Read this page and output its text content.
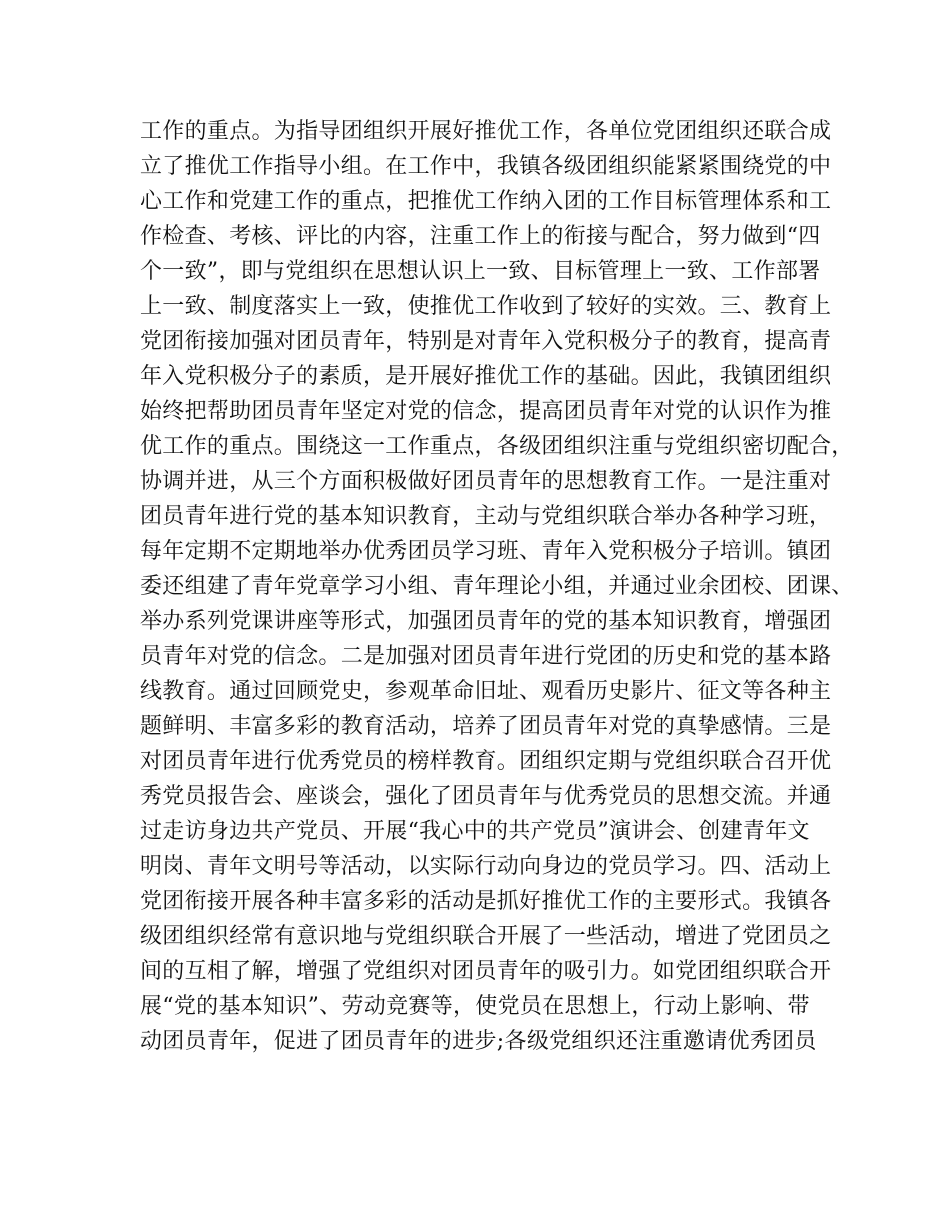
工作的重点。为指导团组织开展好推优工作，各单位党团组织还联合成
立了推优工作指导小组。在工作中，我镇各级团组织能紧紧围绕党的中
心工作和党建工作的重点，把推优工作纳入团的工作目标管理体系和工
作检查、考核、评比的内容，注重工作上的衔接与配合，努力做到“四
个一致”，即与党组织在思想认识上一致、目标管理上一致、工作部署
上一致、制度落实上一致，使推优工作收到了较好的实效。三、教育上
党团衔接加强对团员青年，特别是对青年入党积极分子的教育，提高青
年入党积极分子的素质，是开展好推优工作的基础。因此，我镇团组织
始终把帮助团员青年坚定对党的信念，提高团员青年对党的认识作为推
优工作的重点。围绕这一工作重点，各级团组织注重与党组织密切配合，
协调并进，从三个方面积极做好团员青年的思想教育工作。一是注重对
团员青年进行党的基本知识教育，主动与党组织联合举办各种学习班，
每年定期不定期地举办优秀团员学习班、青年入党积极分子培训。镇团
委还组建了青年党章学习小组、青年理论小组，并通过业余团校、团课、
举办系列党课讲座等形式，加强团员青年的党的基本知识教育，增强团
员青年对党的信念。二是加强对团员青年进行党团的历史和党的基本路
线教育。通过回顾党史，参观革命旧址、观看历史影片、征文等各种主
题鲜明、丰富多彩的教育活动，培养了团员青年对党的真挚感情。三是
对团员青年进行优秀党员的榜样教育。团组织定期与党组织联合召开优
秀党员报告会、座谈会，强化了团员青年与优秀党员的思想交流。并通
过走访身边共产党员、开展“我心中的共产党员”演讲会、创建青年文
明岗、青年文明号等活动，以实际行动向身边的党员学习。四、活动上
党团衔接开展各种丰富多彩的活动是抓好推优工作的主要形式。我镇各
级团组织经常有意识地与党组织联合开展了一些活动，增进了党团员之
间的互相了解，增强了党组织对团员青年的吸引力。如党团组织联合开
展“党的基本知识”、劳动竞赛等，使党员在思想上，行动上影响、带
动团员青年，促进了团员青年的进步;各级党组织还注重邀请优秀团员
